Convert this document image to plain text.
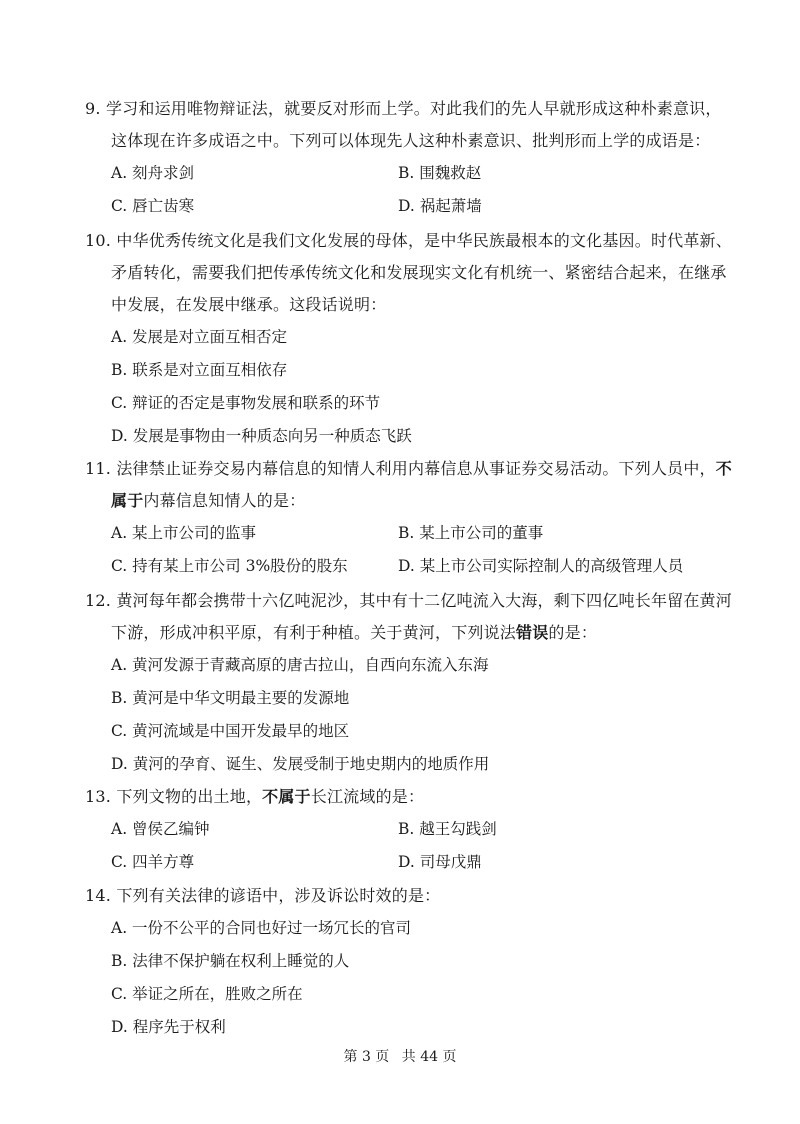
9. 学习和运用唯物辩证法，就要反对形而上学。对此我们的先人早就形成这种朴素意识，
这体现在许多成语之中。下列可以体现先人这种朴素意识、批判形而上学的成语是：

A. 刻舟求剑	B. 围魏救赵
C. 唇亡齿寒	D. 祸起萧墙

10. 中华优秀传统文化是我们文化发展的母体，是中华民族最根本的文化基因。时代革新、
矛盾转化，需要我们把传承传统文化和发展现实文化有机统一、紧密结合起来，在继承
中发展，在发展中继承。这段话说明：

A. 发展是对立面互相否定
B. 联系是对立面互相依存
C. 辩证的否定是事物发展和联系的环节
D. 发展是事物由一种质态向另一种质态飞跃

11. 法律禁止证券交易内幕信息的知情人利用内幕信息从事证券交易活动。下列人员中，不
属于内幕信息知情人的是：

A. 某上市公司的监事	B. 某上市公司的董事
C. 持有某上市公司 3%股份的股东	D. 某上市公司实际控制人的高级管理人员

12. 黄河每年都会携带十六亿吨泥沙，其中有十二亿吨流入大海，剩下四亿吨长年留在黄河
下游，形成冲积平原，有利于种植。关于黄河，下列说法错误的是：

A. 黄河发源于青藏高原的唐古拉山，自西向东流入东海
B. 黄河是中华文明最主要的发源地
C. 黄河流域是中国开发最早的地区
D. 黄河的孕育、诞生、发展受制于地史期内的地质作用

13. 下列文物的出土地，不属于长江流域的是：

A. 曾侯乙编钟	B. 越王勾践剑
C. 四羊方尊	D. 司母戊鼎

14. 下列有关法律的谚语中，涉及诉讼时效的是：

A. 一份不公平的合同也好过一场冗长的官司
B. 法律不保护躺在权利上睡觉的人
C. 举证之所在，胜败之所在
D. 程序先于权利
第 3 页 共 44 页
